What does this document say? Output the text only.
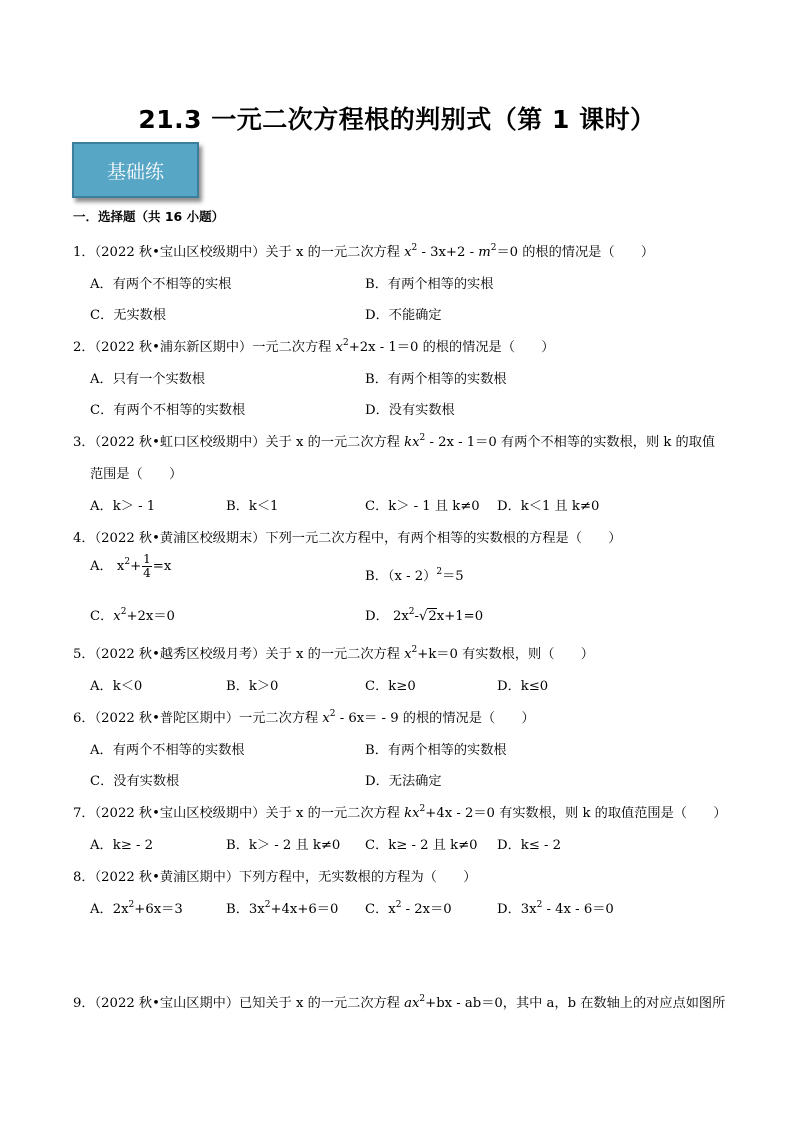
21.3 一元二次方程根的判别式（第 1 课时）
基础练
一．选择题（共 16 小题）
1．（2022 秋•宝山区校级期中）关于 x 的一元二次方程 $x^2 - 3x+2 - m^2=0$ 的根的情况是（　　）
A．有两个不相等的实根	B．有两个相等的实根
C．无实数根	D．不能确定
2．（2022 秋•浦东新区期中）一元二次方程 $x^2+2x - 1=0$ 的根的情况是（　　）
A．只有一个实数根	B．有两个相等的实数根
C．有两个不相等的实数根	D．没有实数根
3．（2022 秋•虹口区校级期中）关于 x 的一元二次方程 $kx^2 - 2x - 1=0$ 有两个不相等的实数根，则 k 的取值
范围是（　　）
A．k＞ - 1	B．k＜1	C．k＞ - 1 且 k≠0 D．k＜1 且 k≠0
4．（2022 秋•黄浦区校级期末）下列一元二次方程中，有两个相等的实数根的方程是（　　）
A． $x^2+ \frac{1}{4} =x$
B．（x - 2）$^2$＝5
C．$x^2+2x=0$	D． $2x^2-√2x+1=0$
5．（2022 秋•越秀区校级月考）关于 x 的一元二次方程 $x^2+k=0$ 有实数根，则（　　）
A．k＜0	B．k＞0	C．k≥0	D．k≤0
6．（2022 秋•普陀区期中）一元二次方程 $x^2 - 6x= - 9$ 的根的情况是（　　）
A．有两个不相等的实数根	B．有两个相等的实数根
C．没有实数根	D．无法确定
7．（2022 秋•宝山区校级期中）关于 x 的一元二次方程 $kx^2+4x - 2=0$ 有实数根，则 k 的取值范围是（　　）
A．k≥ - 2	B．k＞ - 2 且 k≠0 C．k≥ - 2 且 k≠0 D．k≤ - 2
8．（2022 秋•黄浦区期中）下列方程中，无实数根的方程为（　　）
A．$2x^2+6x=3$	B．$3x^2+4x+6=0$ C．$x^2 - 2x=0$	D．$3x^2 - 4x - 6=0$
9．（2022 秋•宝山区期中）已知关于 x 的一元二次方程 $ax^2+bx - ab=0$，其中 a，b 在数轴上的对应点如图所
